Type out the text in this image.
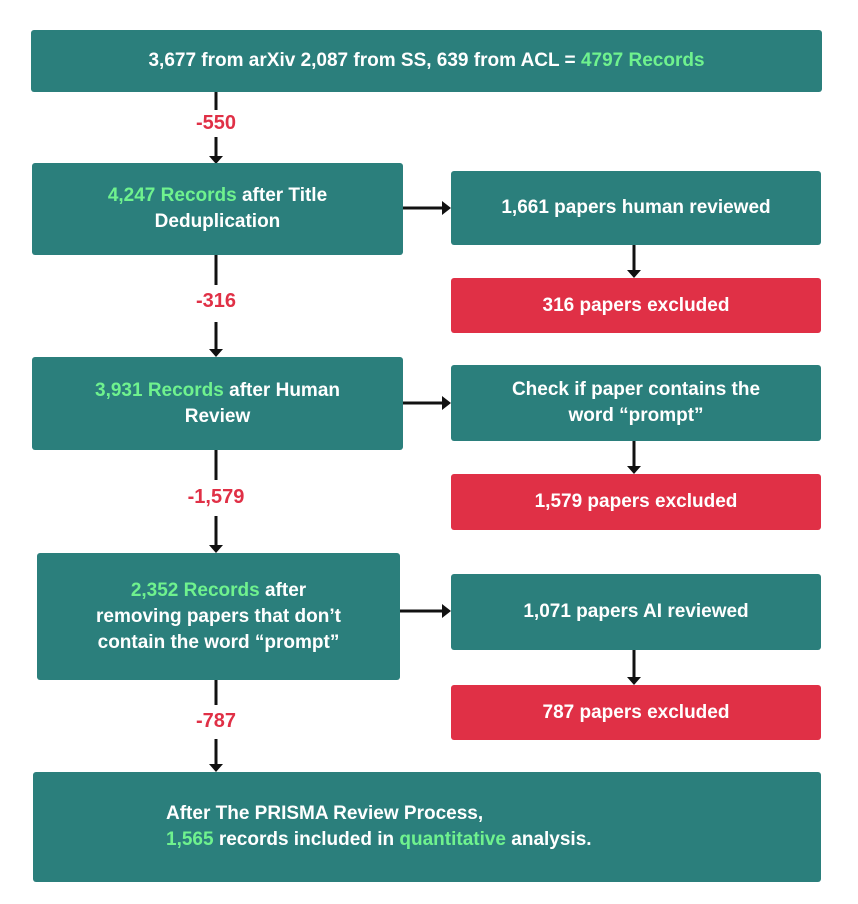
3,677 from arXiv 2,087 from SS, 639 from ACL = 4797 Records
-550
-316
-1,579
-787
4,247 Records after Title
Deduplication
3,931 Records after Human
Review
2,352 Records after
removing papers that don’t
contain the word “prompt”
1,661 papers human reviewed
316 papers excluded
Check if paper contains the
word “prompt”
1,579 papers excluded
1,071 papers AI reviewed
787 papers excluded
After The PRISMA Review Process,
1,565 records included in quantitative analysis.
